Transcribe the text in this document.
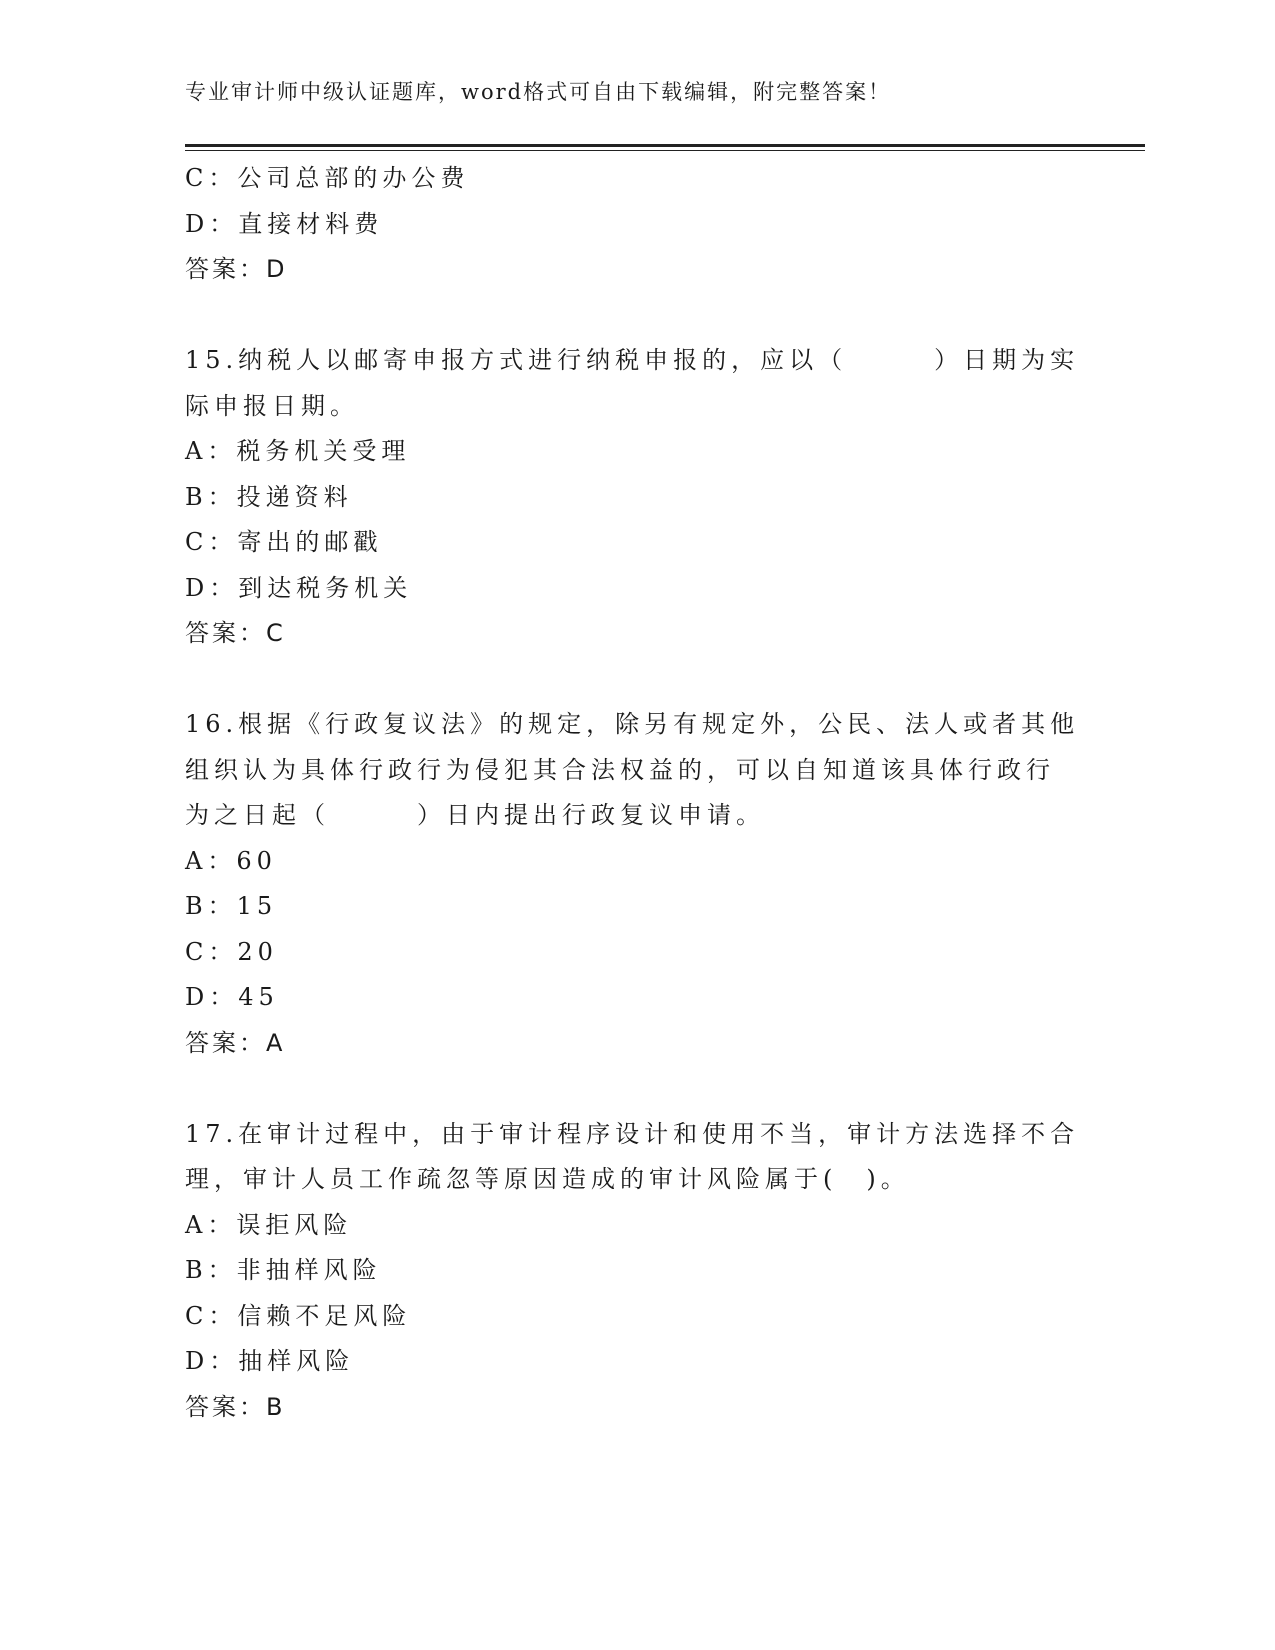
专业审计师中级认证题库，word格式可自由下载编辑，附完整答案！
C：公司总部的办公费
D：直接材料费
答案：D
15.纳税人以邮寄申报方式进行纳税申报的，应以（　　　）日期为实
际申报日期。
A：税务机关受理
B：投递资料
C：寄出的邮戳
D：到达税务机关
答案：C
16.根据《行政复议法》的规定，除另有规定外，公民、法人或者其他
组织认为具体行政行为侵犯其合法权益的，可以自知道该具体行政行
为之日起（　　　）日内提出行政复议申请。
A：60
B：15
C：20
D：45
答案：A
17.在审计过程中，由于审计程序设计和使用不当，审计方法选择不合
理，审计人员工作疏忽等原因造成的审计风险属于(　)。
A：误拒风险
B：非抽样风险
C：信赖不足风险
D：抽样风险
答案：B
